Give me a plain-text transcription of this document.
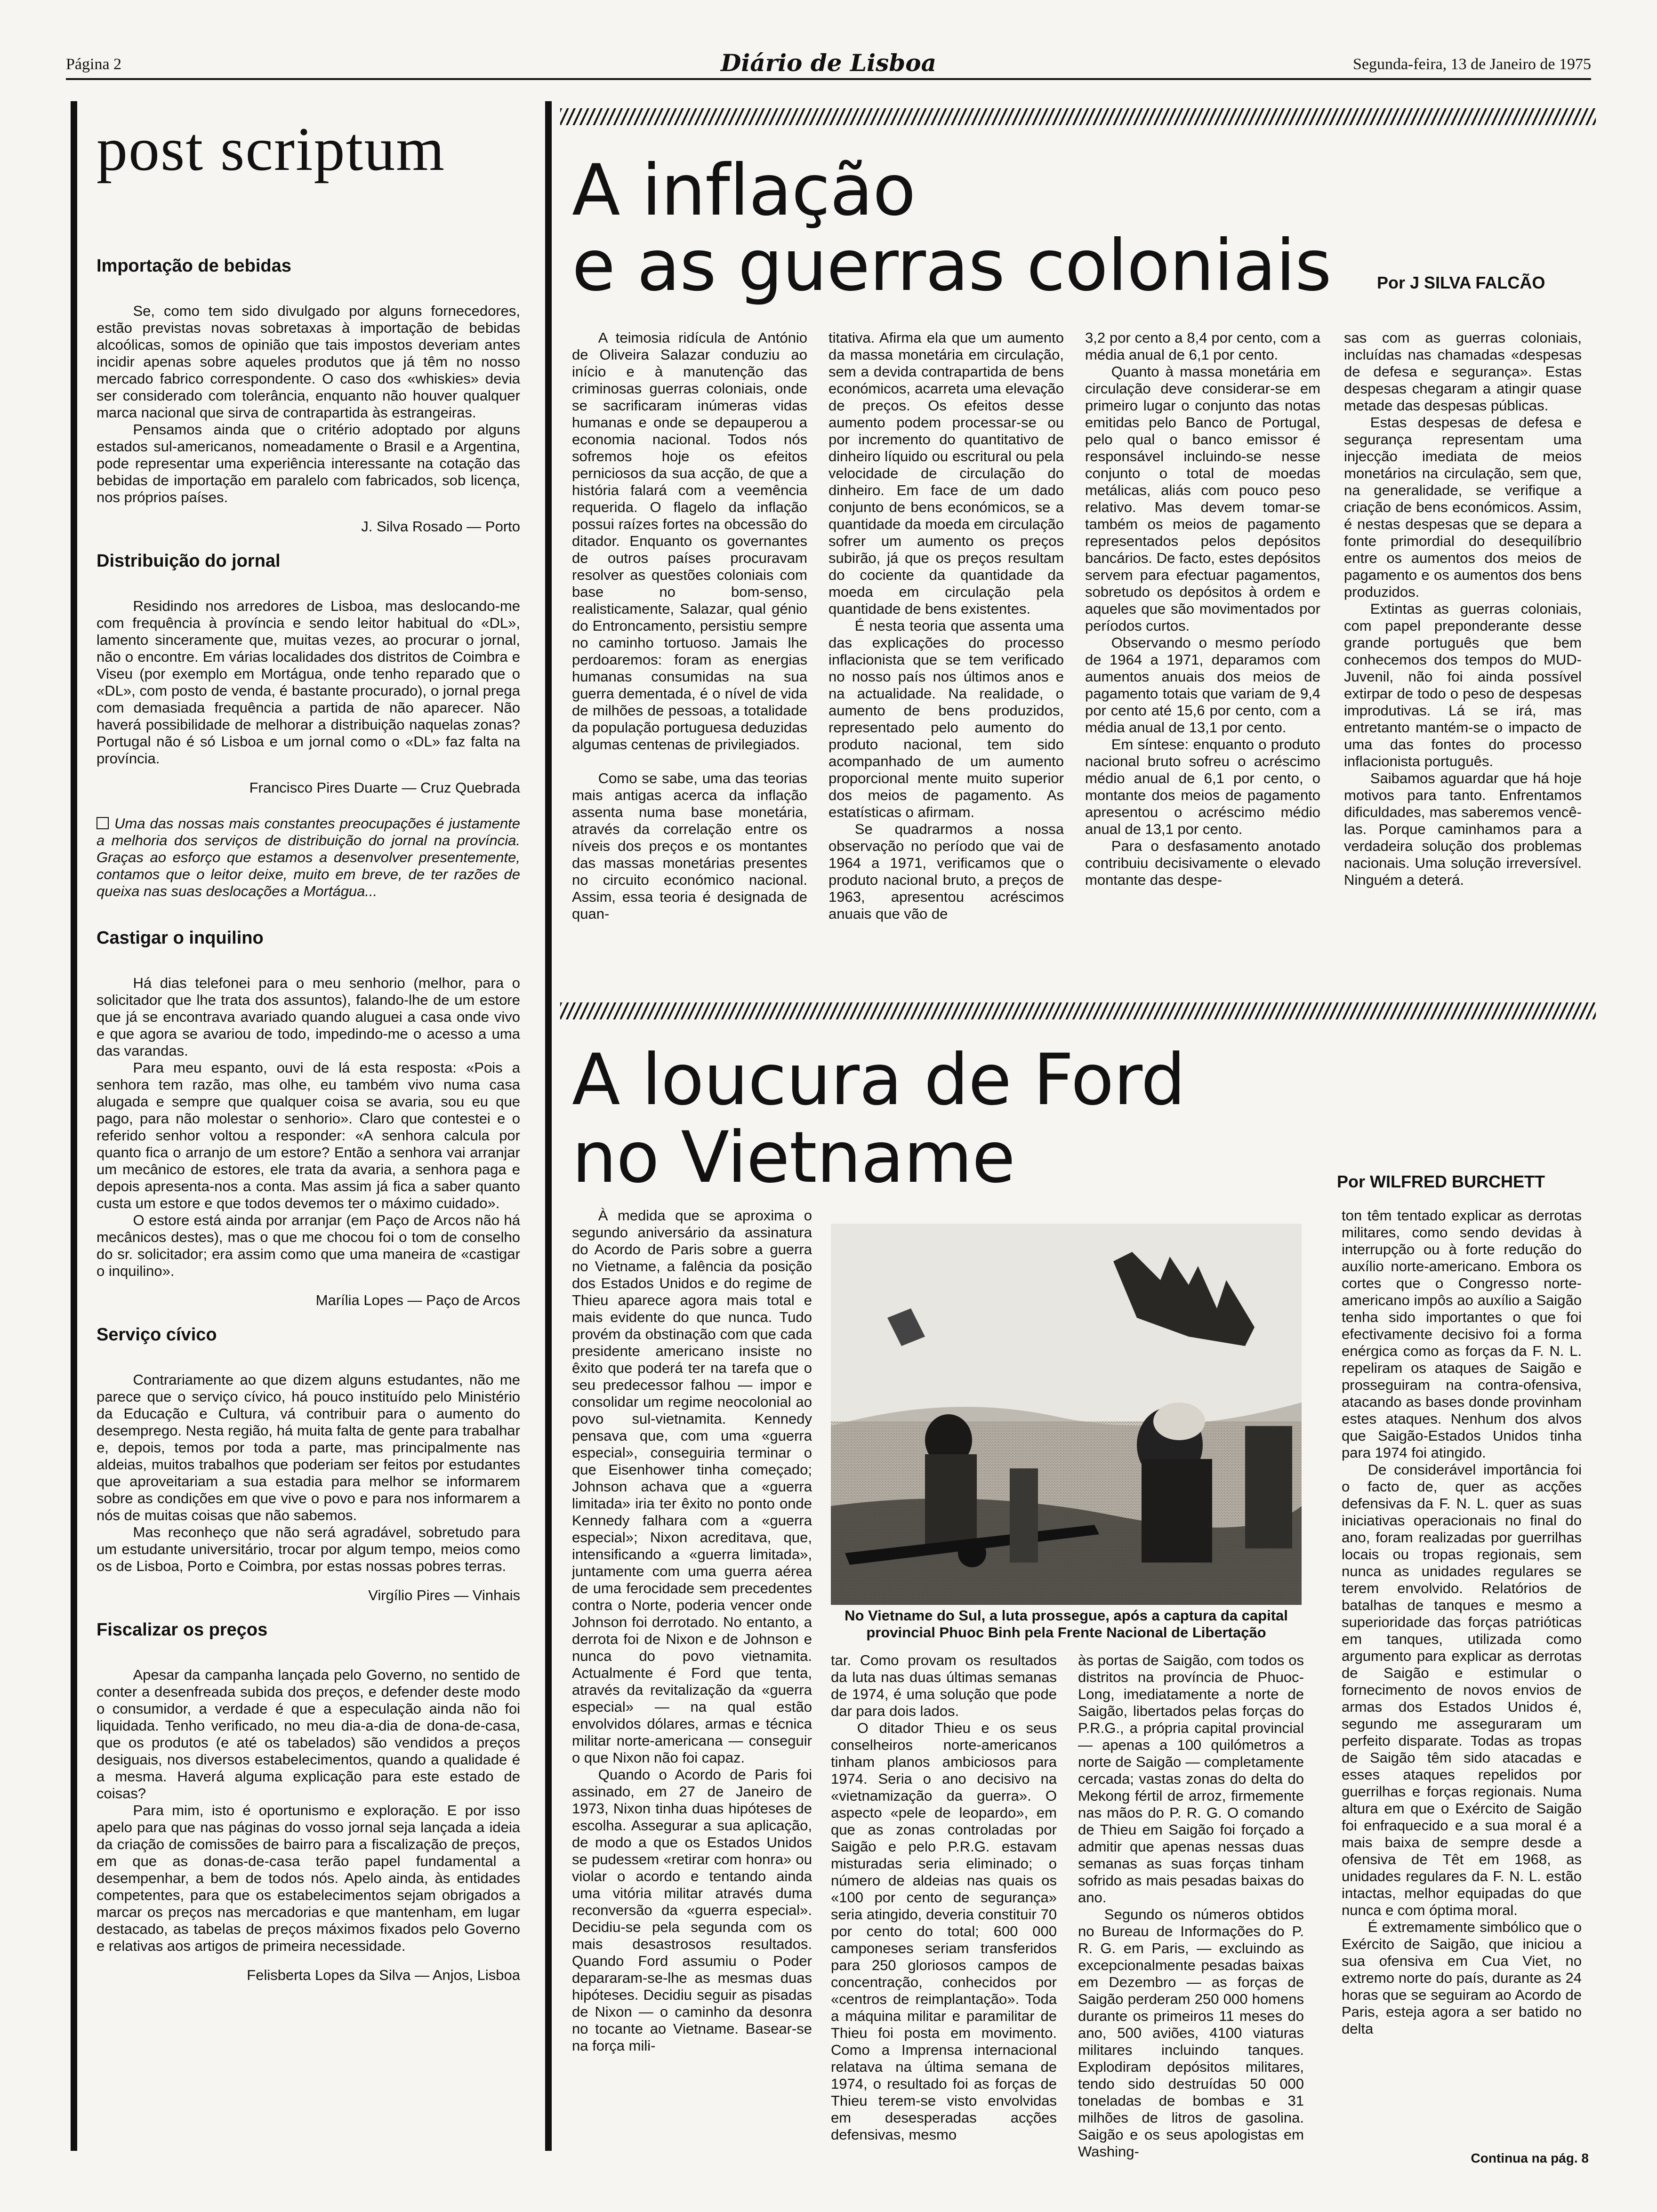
Página 2	Diário de Lisboa	Segunda-feira, 13 de Janeiro de 1975
post scriptum
Importação de bebidas

Se, como tem sido divulgado por alguns fornecedores, estão previstas novas sobretaxas à importação de bebidas alcoólicas, somos de opinião que tais impostos deveriam antes incidir apenas sobre aqueles produtos que já têm no nosso mercado fabrico correspondente. O caso dos «whiskies» devia ser considerado com tolerância, enquanto não houver qualquer marca nacional que sirva de contrapartida às estrangeiras.

Pensamos ainda que o critério adoptado por alguns estados sul-americanos, nomeadamente o Brasil e a Argentina, pode representar uma experiência interessante na cotação das bebidas de importação em paralelo com fabricados, sob licença, nos próprios países.

J. Silva Rosado — Porto

Distribuição do jornal

Residindo nos arredores de Lisboa, mas deslocando-me com frequência à província e sendo leitor habitual do «DL», lamento sinceramente que, muitas vezes, ao procurar o jornal, não o encontre. Em várias localidades dos distritos de Coimbra e Viseu (por exemplo em Mortágua, onde tenho reparado que o «DL», com posto de venda, é bastante procurado), o jornal prega com demasiada frequência a partida de não aparecer. Não haverá possibilidade de melhorar a distribuição naquelas zonas? Portugal não é só Lisboa e um jornal como o «DL» faz falta na província.

Francisco Pires Duarte — Cruz Quebrada

Uma das nossas mais constantes preocupações é justamente a melhoria dos serviços de distribuição do jornal na província. Graças ao esforço que estamos a desenvolver presentemente, contamos que o leitor deixe, muito em breve, de ter razões de queixa nas suas deslocações a Mortágua...

Castigar o inquilino

Há dias telefonei para o meu senhorio (melhor, para o solicitador que lhe trata dos assuntos), falando-lhe de um estore que já se encontrava avariado quando aluguei a casa onde vivo e que agora se avariou de todo, impedindo-me o acesso a uma das varandas.

Para meu espanto, ouvi de lá esta resposta: «Pois a senhora tem razão, mas olhe, eu também vivo numa casa alugada e sempre que qualquer coisa se avaria, sou eu que pago, para não molestar o senhorio». Claro que contestei e o referido senhor voltou a responder: «A senhora calcula por quanto fica o arranjo de um estore? Então a senhora vai arranjar um mecânico de estores, ele trata da avaria, a senhora paga e depois apresenta-nos a conta. Mas assim já fica a saber quanto custa um estore e que todos devemos ter o máximo cuidado».

O estore está ainda por arranjar (em Paço de Arcos não há mecânicos destes), mas o que me chocou foi o tom de conselho do sr. solicitador; era assim como que uma maneira de «castigar o inquilino».

Marília Lopes — Paço de Arcos

Serviço cívico

Contrariamente ao que dizem alguns estudantes, não me parece que o serviço cívico, há pouco instituído pelo Ministério da Educação e Cultura, vá contribuir para o aumento do desemprego. Nesta região, há muita falta de gente para trabalhar e, depois, temos por toda a parte, mas principalmente nas aldeias, muitos trabalhos que poderiam ser feitos por estudantes que aproveitariam a sua estadia para melhor se informarem sobre as condições em que vive o povo e para nos informarem a nós de muitas coisas que não sabemos.

Mas reconheço que não será agradável, sobretudo para um estudante universitário, trocar por algum tempo, meios como os de Lisboa, Porto e Coimbra, por estas nossas pobres terras.

Virgílio Pires — Vinhais

Fiscalizar os preços

Apesar da campanha lançada pelo Governo, no sentido de conter a desenfreada subida dos preços, e defender deste modo o consumidor, a verdade é que a especulação ainda não foi liquidada. Tenho verificado, no meu dia-a-dia de dona-de-casa, que os produtos (e até os tabelados) são vendidos a preços desiguais, nos diversos estabelecimentos, quando a qualidade é a mesma. Haverá alguma explicação para este estado de coisas?

Para mim, isto é oportunismo e exploração. E por isso apelo para que nas páginas do vosso jornal seja lançada a ideia da criação de comissões de bairro para a fiscalização de preços, em que as donas-de-casa terão papel fundamental a desempenhar, a bem de todos nós. Apelo ainda, às entidades competentes, para que os estabelecimentos sejam obrigados a marcar os preços nas mercadorias e que mantenham, em lugar destacado, as tabelas de preços máximos fixados pelo Governo e relativas aos artigos de primeira necessidade.

Felisberta Lopes da Silva — Anjos, Lisboa

A inflação
e as guerras coloniais	Por J SILVA FALCÃO

A teimosia ridícula de António de Oliveira Salazar conduziu ao início e à manutenção das criminosas guerras coloniais, onde se sacrificaram inúmeras vidas humanas e onde se depauperou a economia nacional. Todos nós sofremos hoje os efeitos perniciosos da sua acção, de que a história falará com a veemência requerida. O flagelo da inflação possui raízes fortes na obcessão do ditador. Enquanto os governantes de outros países procuravam resolver as questões coloniais com base no bom-senso, realisticamente, Salazar, qual génio do Entroncamento, persistiu sempre no caminho tortuoso. Jamais lhe perdoaremos: foram as energias humanas consumidas na sua guerra dementada, é o nível de vida de milhões de pessoas, a totalidade da população portuguesa deduzidas algumas centenas de privilegiados.

Como se sabe, uma das teorias mais antigas acerca da inflação assenta numa base monetária, através da correlação entre os níveis dos preços e os montantes das massas monetárias presentes no circuito económico nacional. Assim, essa teoria é designada de quan-

titativa. Afirma ela que um aumento da massa monetária em circulação, sem a devida contrapartida de bens económicos, acarreta uma elevação de preços. Os efeitos desse aumento podem processar-se ou por incremento do quantitativo de dinheiro líquido ou escritural ou pela velocidade de circulação do dinheiro. Em face de um dado conjunto de bens económicos, se a quantidade da moeda em circulação sofrer um aumento os preços subirão, já que os preços resultam do cociente da quantidade da moeda em circulação pela quantidade de bens existentes.

É nesta teoria que assenta uma das explicações do processo inflacionista que se tem verificado no nosso país nos últimos anos e na actualidade. Na realidade, o aumento de bens produzidos, representado pelo aumento do produto nacional, tem sido acompanhado de um aumento proporcional mente muito superior dos meios de pagamento. As estatísticas o afirmam.

Se quadrarmos a nossa observação no período que vai de 1964 a 1971, verificamos que o produto nacional bruto, a preços de 1963, apresentou acréscimos anuais que vão de

3,2 por cento a 8,4 por cento, com a média anual de 6,1 por cento.

Quanto à massa monetária em circulação deve considerar-se em primeiro lugar o conjunto das notas emitidas pelo Banco de Portugal, pelo qual o banco emissor é responsável incluindo-se nesse conjunto o total de moedas metálicas, aliás com pouco peso relativo. Mas devem tomar-se também os meios de pagamento representados pelos depósitos bancários. De facto, estes depósitos servem para efectuar pagamentos, sobretudo os depósitos à ordem e aqueles que são movimentados por períodos curtos.

Observando o mesmo período de 1964 a 1971, deparamos com aumentos anuais dos meios de pagamento totais que variam de 9,4 por cento até 15,6 por cento, com a média anual de 13,1 por cento.

Em síntese: enquanto o produto nacional bruto sofreu o acréscimo médio anual de 6,1 por cento, o montante dos meios de pagamento apresentou o acréscimo médio anual de 13,1 por cento.

Para o desfasamento anotado contribuiu decisivamente o elevado montante das despe-

sas com as guerras coloniais, incluídas nas chamadas «despesas de defesa e segurança». Estas despesas chegaram a atingir quase metade das despesas públicas.

Estas despesas de defesa e segurança representam uma injecção imediata de meios monetários na circulação, sem que, na generalidade, se verifique a criação de bens económicos. Assim, é nestas despesas que se depara a fonte primordial do desequilíbrio entre os aumentos dos meios de pagamento e os aumentos dos bens produzidos.

Extintas as guerras coloniais, com papel preponderante desse grande português que bem conhecemos dos tempos do MUD-Juvenil, não foi ainda possível extirpar de todo o peso de despesas improdutivas. Lá se irá, mas entretanto mantém-se o impacto de uma das fontes do processo inflacionista português.

Saibamos aguardar que há hoje motivos para tanto. Enfrentamos dificuldades, mas saberemos vencê-las. Porque caminhamos para a verdadeira solução dos problemas nacionais. Uma solução irreversível. Ninguém a deterá.

A loucura de Ford
no Vietname	Por WILFRED BURCHETT
No Vietname do Sul, a luta prossegue, após a captura da capital provincial Phuoc Binh pela Frente Nacional de Libertação

À medida que se aproxima o segundo aniversário da assinatura do Acordo de Paris sobre a guerra no Vietname, a falência da posição dos Estados Unidos e do regime de Thieu aparece agora mais total e mais evidente do que nunca. Tudo provém da obstinação com que cada presidente americano insiste no êxito que poderá ter na tarefa que o seu predecessor falhou — impor e consolidar um regime neocolonial ao povo sul-vietnamita. Kennedy pensava que, com uma «guerra especial», conseguiria terminar o que Eisenhower tinha começado; Johnson achava que a «guerra limitada» iria ter êxito no ponto onde Kennedy falhara com a «guerra especial»; Nixon acreditava, que, intensificando a «guerra limitada», juntamente com uma guerra aérea de uma ferocidade sem precedentes contra o Norte, poderia vencer onde Johnson foi derrotado. No entanto, a derrota foi de Nixon e de Johnson e nunca do povo vietnamita. Actualmente é Ford que tenta, através da revitalização da «guerra especial» — na qual estão envolvidos dólares, armas e técnica militar norte-americana — conseguir o que Nixon não foi capaz.

Quando o Acordo de Paris foi assinado, em 27 de Janeiro de 1973, Nixon tinha duas hipóteses de escolha. Assegurar a sua aplicação, de modo a que os Estados Unidos se pudessem «retirar com honra» ou violar o acordo e tentando ainda uma vitória militar através duma reconversão da «guerra especial». Decidiu-se pela segunda com os mais desastrosos resultados. Quando Ford assumiu o Poder depararam-se-lhe as mesmas duas hipóteses. Decidiu seguir as pisadas de Nixon — o caminho da desonra no tocante ao Vietname. Basear-se na força mili-

tar. Como provam os resultados da luta nas duas últimas semanas de 1974, é uma solução que pode dar para dois lados.

O ditador Thieu e os seus conselheiros norte-americanos tinham planos ambiciosos para 1974. Seria o ano decisivo na «vietnamização da guerra». O aspecto «pele de leopardo», em que as zonas controladas por Saigão e pelo P.R.G. estavam misturadas seria eliminado; o número de aldeias nas quais os «100 por cento de segurança» seria atingido, deveria constituir 70 por cento do total; 600 000 camponeses seriam transferidos para 250 gloriosos campos de concentração, conhecidos por «centros de reimplantação». Toda a máquina militar e paramilitar de Thieu foi posta em movimento. Como a Imprensa internacional relatava na última semana de 1974, o resultado foi as forças de Thieu terem-se visto envolvidas em desesperadas acções defensivas, mesmo

às portas de Saigão, com todos os distritos na província de Phuoc-Long, imediatamente a norte de Saigão, libertados pelas forças do P.R.G., a própria capital provincial — apenas a 100 quilómetros a norte de Saigão — completamente cercada; vastas zonas do delta do Mekong fértil de arroz, firmemente nas mãos do P. R. G. O comando de Thieu em Saigão foi forçado a admitir que apenas nessas duas semanas as suas forças tinham sofrido as mais pesadas baixas do ano.

Segundo os números obtidos no Bureau de Informações do P. R. G. em Paris, — excluindo as excepcionalmente pesadas baixas em Dezembro — as forças de Saigão perderam 250 000 homens durante os primeiros 11 meses do ano, 500 aviões, 4100 viaturas militares incluindo tanques. Explodiram depósitos militares, tendo sido destruídas 50 000 toneladas de bombas e 31 milhões de litros de gasolina. Saigão e os seus apologistas em Washing-

ton têm tentado explicar as derrotas militares, como sendo devidas à interrupção ou à forte redução do auxílio norte-americano. Embora os cortes que o Congresso norte-americano impôs ao auxílio a Saigão tenha sido importantes o que foi efectivamente decisivo foi a forma enérgica como as forças da F. N. L. repeliram os ataques de Saigão e prosseguiram na contra-ofensiva, atacando as bases donde provinham estes ataques. Nenhum dos alvos que Saigão-Estados Unidos tinha para 1974 foi atingido.

De considerável importância foi o facto de, quer as acções defensivas da F. N. L. quer as suas iniciativas operacionais no final do ano, foram realizadas por guerrilhas locais ou tropas regionais, sem nunca as unidades regulares se terem envolvido. Relatórios de batalhas de tanques e mesmo a superioridade das forças patrióticas em tanques, utilizada como argumento para explicar as derrotas de Saigão e estimular o fornecimento de novos envios de armas dos Estados Unidos é, segundo me asseguraram um perfeito disparate. Todas as tropas de Saigão têm sido atacadas e esses ataques repelidos por guerrilhas e forças regionais. Numa altura em que o Exército de Saigão foi enfraquecido e a sua moral é a mais baixa de sempre desde a ofensiva de Têt em 1968, as unidades regulares da F. N. L. estão intactas, melhor equipadas do que nunca e com óptima moral.

É extremamente simbólico que o Exército de Saigão, que iniciou a sua ofensiva em Cua Viet, no extremo norte do país, durante as 24 horas que se seguiram ao Acordo de Paris, esteja agora a ser batido no delta

Continua na pág. 8
